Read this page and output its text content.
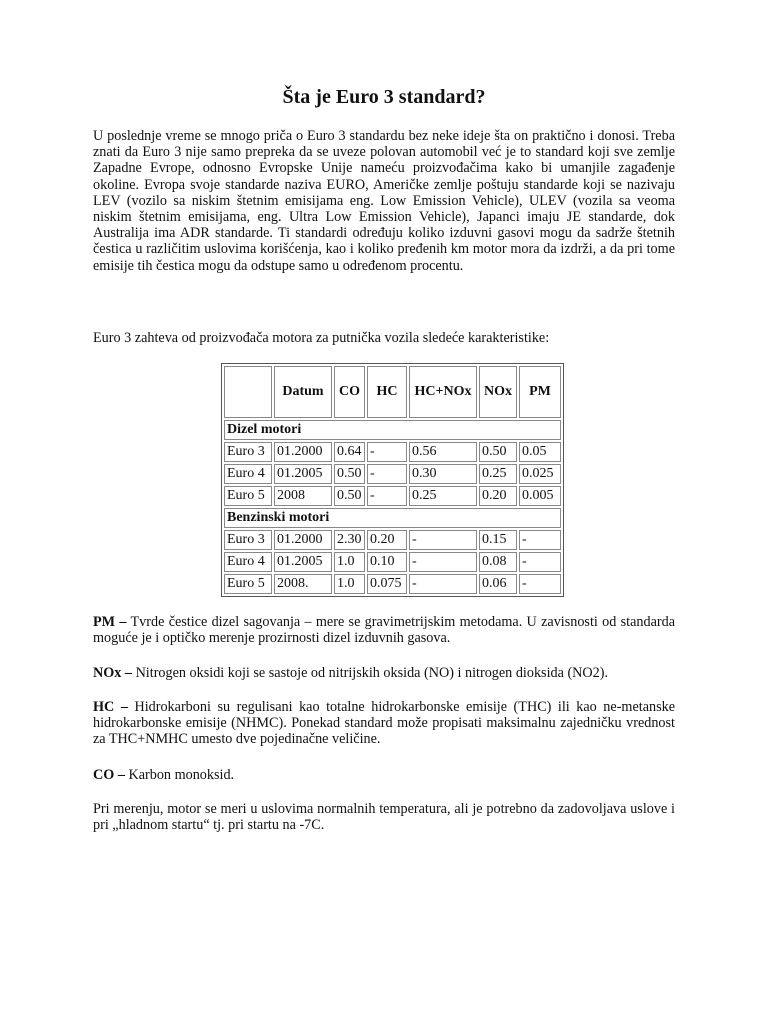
Šta je Euro 3 standard?

U poslednje vreme se mnogo priča o Euro 3 standardu bez neke ideje šta on praktično i donosi. Treba znati da Euro 3 nije samo prepreka da se uveze polovan automobil već je to standard koji sve zemlje Zapadne Evrope, odnosno Evropske Unije nameću proizvođačima kako bi umanjile zagađenje okoline. Evropa svoje standarde naziva EURO, Američke zemlje poštuju standarde koji se nazivaju LEV (vozilo sa niskim štetnim emisijama eng. Low Emission Vehicle), ULEV (vozila sa veoma niskim štetnim emisijama, eng. Ultra Low Emission Vehicle), Japanci imaju JE standarde, dok Australija ima ADR standarde. Ti standardi određuju koliko izduvni gasovi mogu da sadrže štetnih čestica u različitim uslovima korišćenja, kao i koliko pređenih km motor mora da izdrži, a da pri tome emisije tih čestica mogu da odstupe samo u određenom procentu.

Euro 3 zahteva od proizvođača motora za putnička vozila sledeće karakteristike:

	Datum	CO	HC	HC+NOx	NOx	PM
Dizel motori						
Euro 3	01.2000	0.64	-	0.56	0.50	0.05
Euro 4	01.2005	0.50	-	0.30	0.25	0.025
Euro 5	2008	0.50	-	0.25	0.20	0.005
Benzinski motori						
Euro 3	01.2000	2.30	0.20	-	0.15	-
Euro 4	01.2005	1.0	0.10	-	0.08	-
Euro 5	2008.	1.0	0.075	-	0.06	-

PM – Tvrde čestice dizel sagovanja – mere se gravimetrijskim metodama. U zavisnosti od standarda moguće je i optičko merenje prozirnosti dizel izduvnih gasova.

NOx – Nitrogen oksidi koji se sastoje od nitrijskih oksida (NO) i nitrogen dioksida (NO2).

HC – Hidrokarboni su regulisani kao totalne hidrokarbonske emisije (THC) ili kao ne-metanske hidrokarbonske emisije (NHMC). Ponekad standard može propisati maksimalnu zajedničku vrednost za THC+NMHC umesto dve pojedinačne veličine.

CO – Karbon monoksid.

Pri merenju, motor se meri u uslovima normalnih temperatura, ali je potrebno da zadovoljava uslove i pri „hladnom startu“ tj. pri startu na -7C.
